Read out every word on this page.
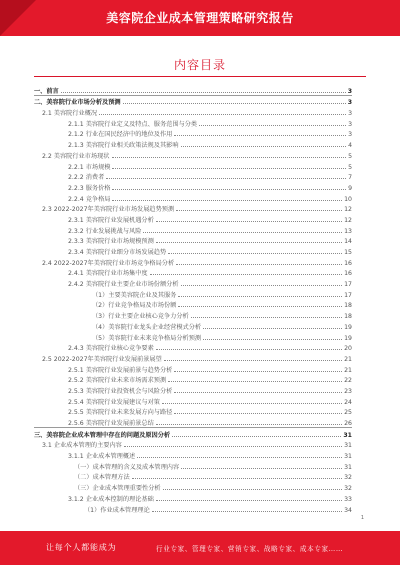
美容院企业成本管理策略研究报告
内容目录
一、前言	3
二、美容院行业市场分析及预测	3
2.1 美容院行业概况	3
2.1.1 美容院行业定义及特点、服务范围与分类	3
2.1.2 行业在国民经济中的地位及作用	3
2.1.3 美容院行业相关政策法规及其影响	4
2.2 美容院行业市场现状	5
2.2.1 市场规模	5
2.2.2 消费者	7
2.2.3 服务价格	9
2.2.4 竞争格局	10
2.3 2022-2027年美容院行业市场发展趋势预测	12
2.3.1 美容院行业发展机遇分析	12
2.3.2 行业发展挑战与风险	13
2.3.3 美容院行业市场规模预测	14
2.3.4 美容院行业细分市场发展趋势	15
2.4 2022-2027年美容院行业市场竞争格局分析	16
2.4.1 美容院行业市场集中度	16
2.4.2 美容院行业主要企业市场份额分析	17
（1）主要美容院企业及其服务	17
（2）行业竞争格局及市场份额	18
（3）行业主要企业核心竞争力分析	18
（4）美容院行业龙头企业经营模式分析	19
（5）美容院行业未来竞争格局分析预测	19
2.4.3 美容院行业核心竞争要素	20
2.5 2022-2027年美容院行业发展前景展望	21
2.5.1 美容院行业发展前景与趋势分析	21
2.5.2 美容院行业未来市场需求预测	22
2.5.3 美容院行业投资机会与风险分析	23
2.5.4 美容院行业发展建议与对策	24
2.5.5 美容院行业未来发展方向与路径	25
2.5.6 美容院行业发展前景总结	26
三、美容院企业成本管理中存在的问题及原因分析	31
3.1 企业成本管理的主要内容	31
3.1.1 企业成本管理概述	31
（一）成本管理的含义及成本管理内容	31
（二）成本管理方法	32
（三）企业成本管理重要性分析	32
3.1.2 企业成本控制的理论基础	33
（1）作业成本管理理论	34
1
让每个人都能成为	行业专家、管理专家、营销专家、战略专家、成本专家……
